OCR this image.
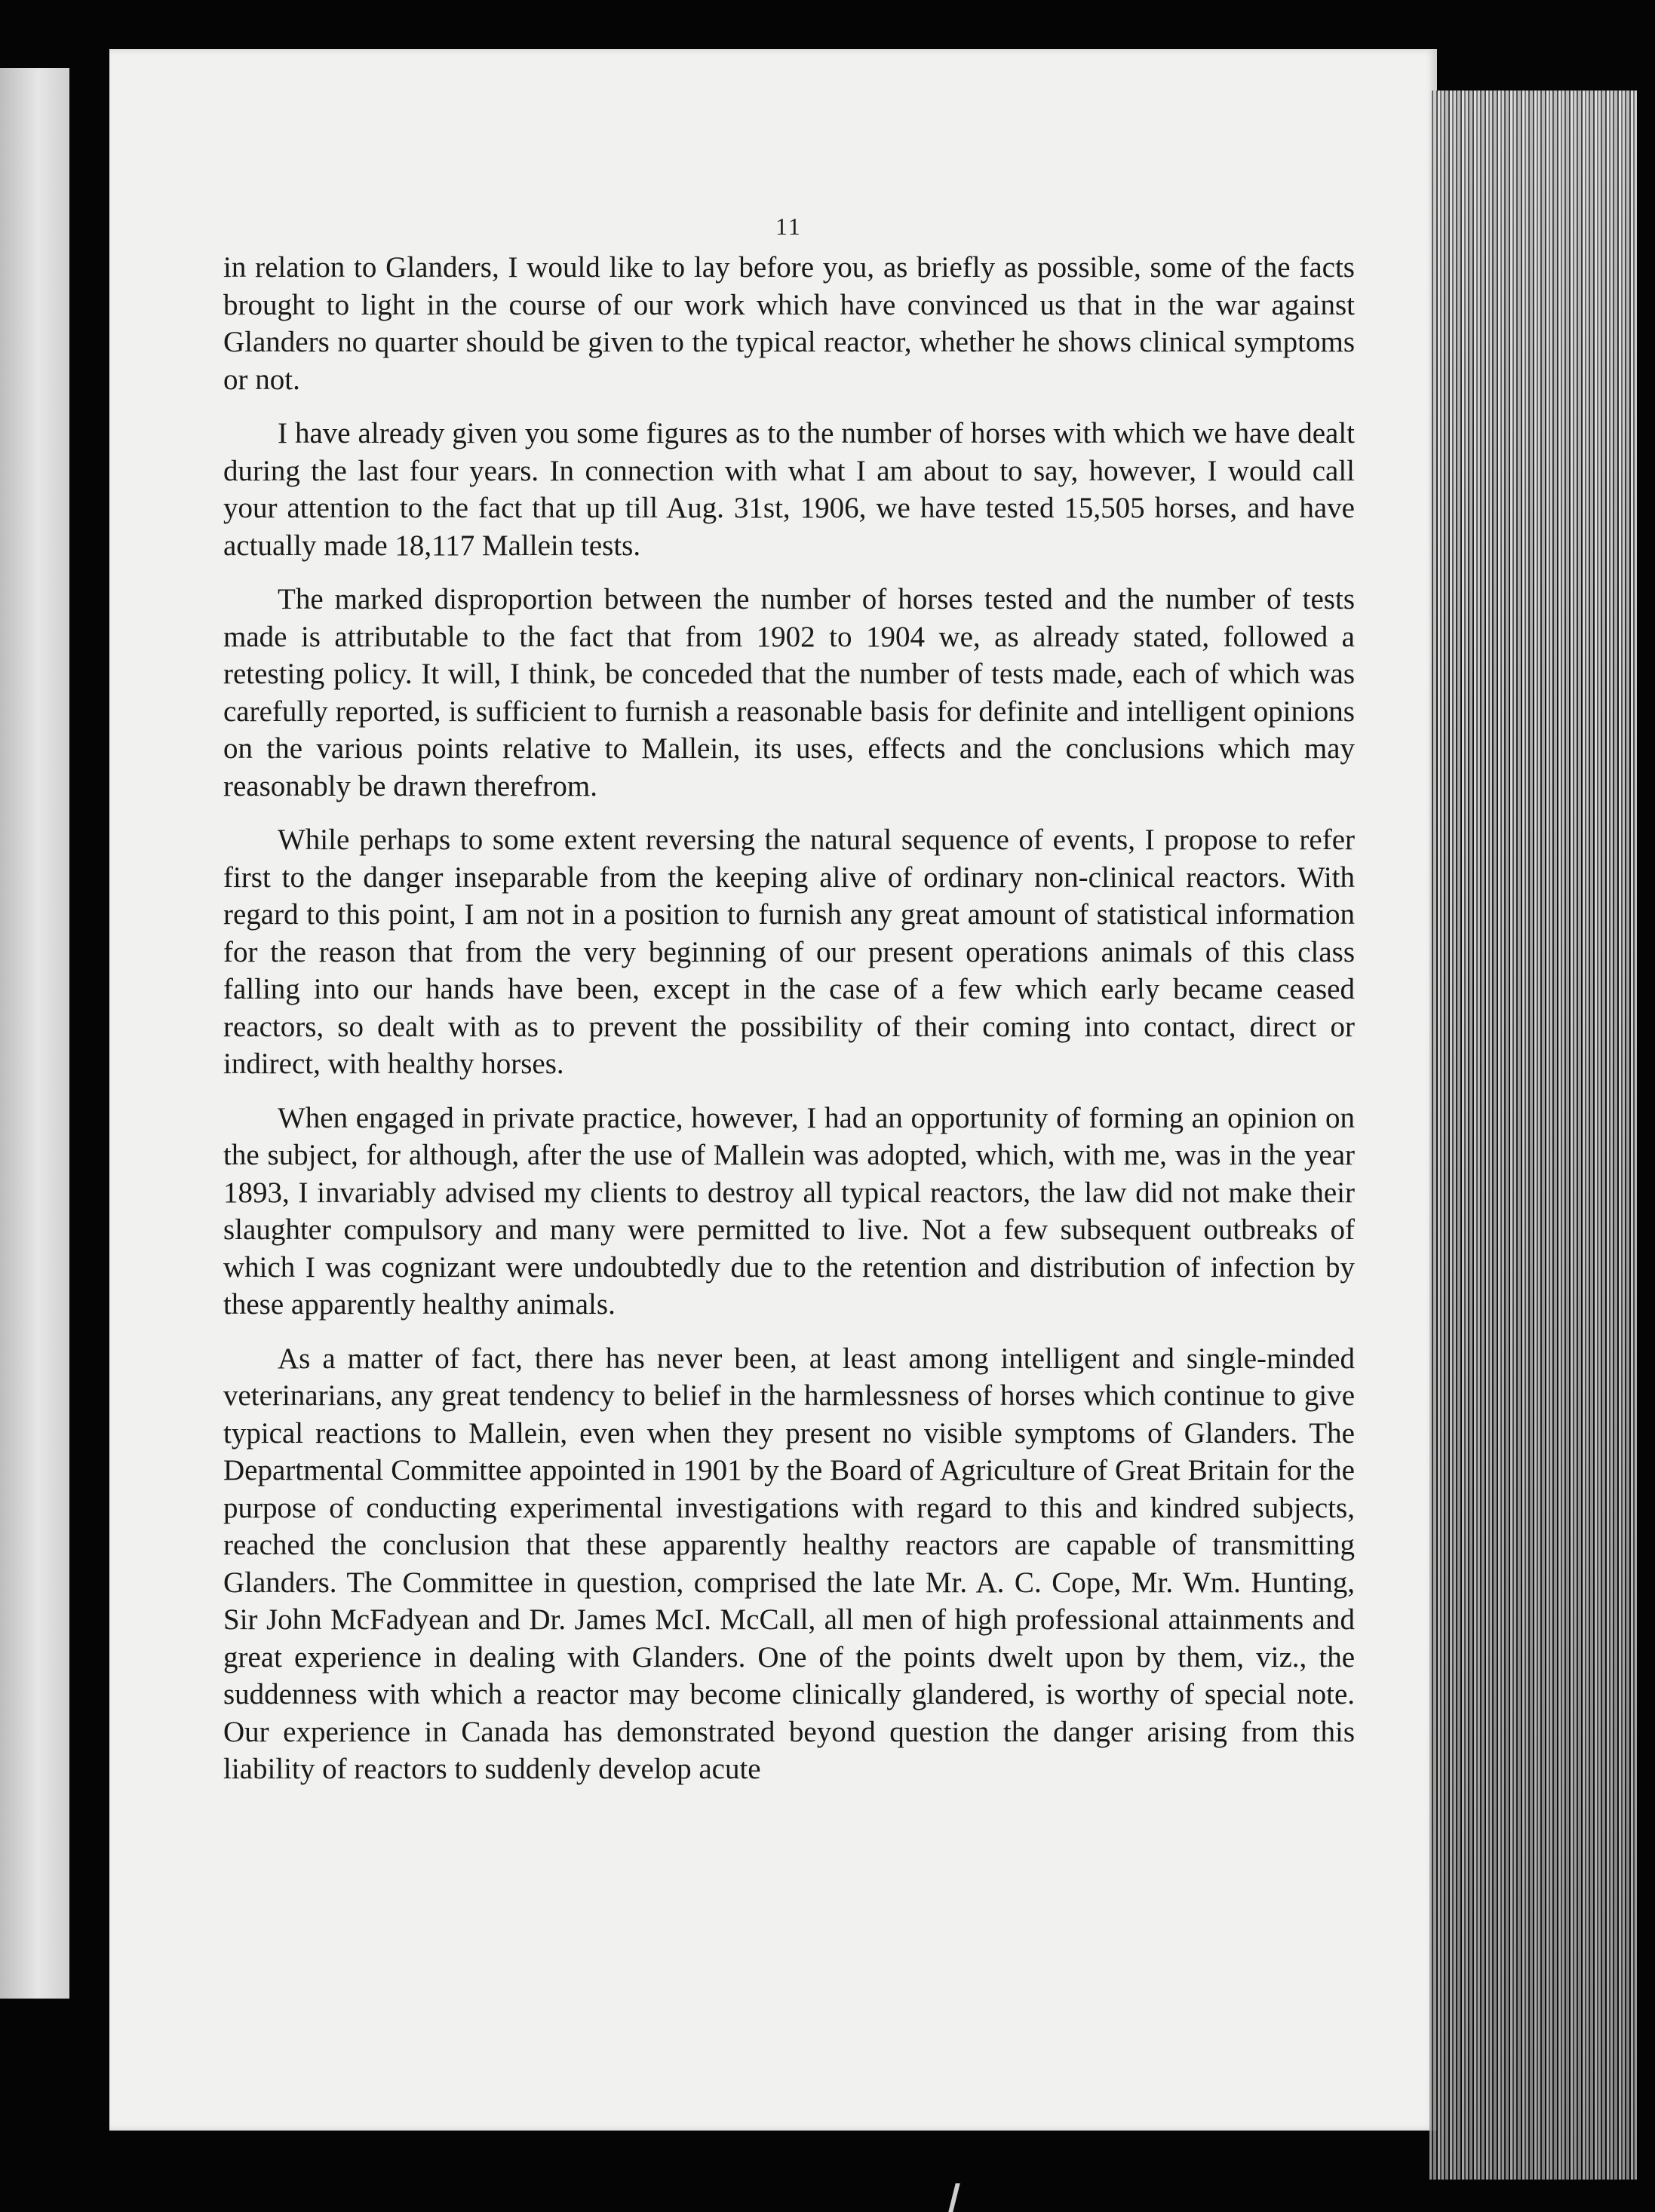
11

in relation to Glanders, I would like to lay before you, as briefly as possible, some of the facts brought to light in the course of our work which have convinced us that in the war against Glanders no quarter should be given to the typical reactor, whether he shows clinical symptoms or not.

I have already given you some figures as to the number of horses with which we have dealt during the last four years. In connection with what I am about to say, however, I would call your attention to the fact that up till Aug. 31st, 1906, we have tested 15,505 horses, and have actually made 18,117 Mallein tests.

The marked disproportion between the number of horses tested and the number of tests made is attributable to the fact that from 1902 to 1904 we, as already stated, followed a retesting policy. It will, I think, be conceded that the number of tests made, each of which was carefully reported, is sufficient to furnish a reasonable basis for definite and intelligent opinions on the various points relative to Mallein, its uses, effects and the conclusions which may reasonably be drawn therefrom.

While perhaps to some extent reversing the natural sequence of events, I propose to refer first to the danger inseparable from the keeping alive of ordinary non-clinical reactors. With regard to this point, I am not in a position to furnish any great amount of statistical information for the reason that from the very beginning of our present operations animals of this class falling into our hands have been, except in the case of a few which early became ceased reactors, so dealt with as to prevent the possibility of their coming into contact, direct or indirect, with healthy horses.

When engaged in private practice, however, I had an opportunity of forming an opinion on the subject, for although, after the use of Mallein was adopted, which, with me, was in the year 1893, I invariably advised my clients to destroy all typical reactors, the law did not make their slaughter compulsory and many were permitted to live. Not a few subsequent outbreaks of which I was cognizant were undoubtedly due to the retention and distribution of infection by these apparently healthy animals.

As a matter of fact, there has never been, at least among intelligent and single-minded veterinarians, any great tendency to belief in the harmlessness of horses which continue to give typical reactions to Mallein, even when they present no visible symptoms of Glanders. The Departmental Committee appointed in 1901 by the Board of Agriculture of Great Britain for the purpose of conducting experimental investigations with regard to this and kindred subjects, reached the conclusion that these apparently healthy reactors are capable of transmitting Glanders. The Committee in question, comprised the late Mr. A. C. Cope, Mr. Wm. Hunting, Sir John McFadyean and Dr. James McI. McCall, all men of high professional attainments and great experience in dealing with Glanders. One of the points dwelt upon by them, viz., the suddenness with which a reactor may become clinically glandered, is worthy of special note. Our experience in Canada has demonstrated beyond question the danger arising from this liability of reactors to suddenly develop acute
